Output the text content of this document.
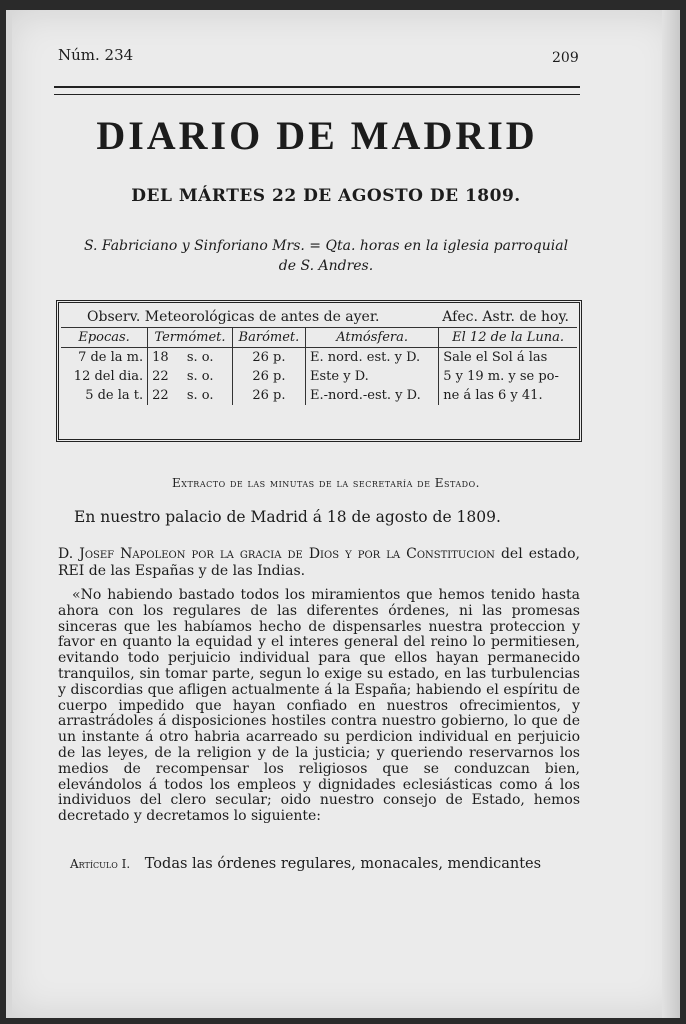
Núm. 234	209
DIARIO DE MADRID
DEL MÁRTES 22 DE AGOSTO DE 1809.
S. Fabriciano y Sinforiano Mrs. = Qta. horas en la iglesia parroquial de S. Andres.
Observ. Meteorológicas de antes de ayer.	Afec. Astr. de hoy.
Epocas.	Termómet.		Barómet.	Atmósfera.	El 12 de la Luna.
7 de la m.	18	s. o.	26 p.	E. nord. est. y D.	Sale el Sol á las
12 del dia.	22	s. o.	26 p.	Este y D.	5 y 19 m. y se po-
5 de la t.	22	s. o.	26 p.	E.-nord.-est. y D.	ne á las 6 y 41.
Extracto de las minutas de la secretaría de Estado.
En nuestro palacio de Madrid á 18 de agosto de 1809.
D. Josef Napoleon por la gracia de Dios y por la Constitucion del estado, REI de las Españas y de las Indias.
«No habiendo bastado todos los miramientos que hemos tenido hasta ahora con los regulares de las diferentes órdenes, ni las promesas sinceras que les habíamos hecho de dispensarles nuestra proteccion y favor en quanto la equidad y el interes general del reino lo permitiesen, evitando todo perjuicio individual para que ellos hayan permanecido tranquilos, sin tomar parte, segun lo exige su estado, en las turbulencias y discordias que afligen actualmente á la España; habiendo el espíritu de cuerpo impedido que hayan confiado en nuestros ofrecimientos, y arrastrádoles á disposiciones hostiles contra nuestro gobierno, lo que de un instante á otro habria acarreado su perdicion individual en perjuicio de las leyes, de la religion y de la justicia; y queriendo reservarnos los medios de recompensar los religiosos que se conduzcan bien, elevándolos á todos los empleos y dignidades eclesiásticas como á los individuos del clero secular; oido nuestro consejo de Estado, hemos decretado y decretamos lo siguiente:
Artículo I. Todas las órdenes regulares, monacales, mendicantes
